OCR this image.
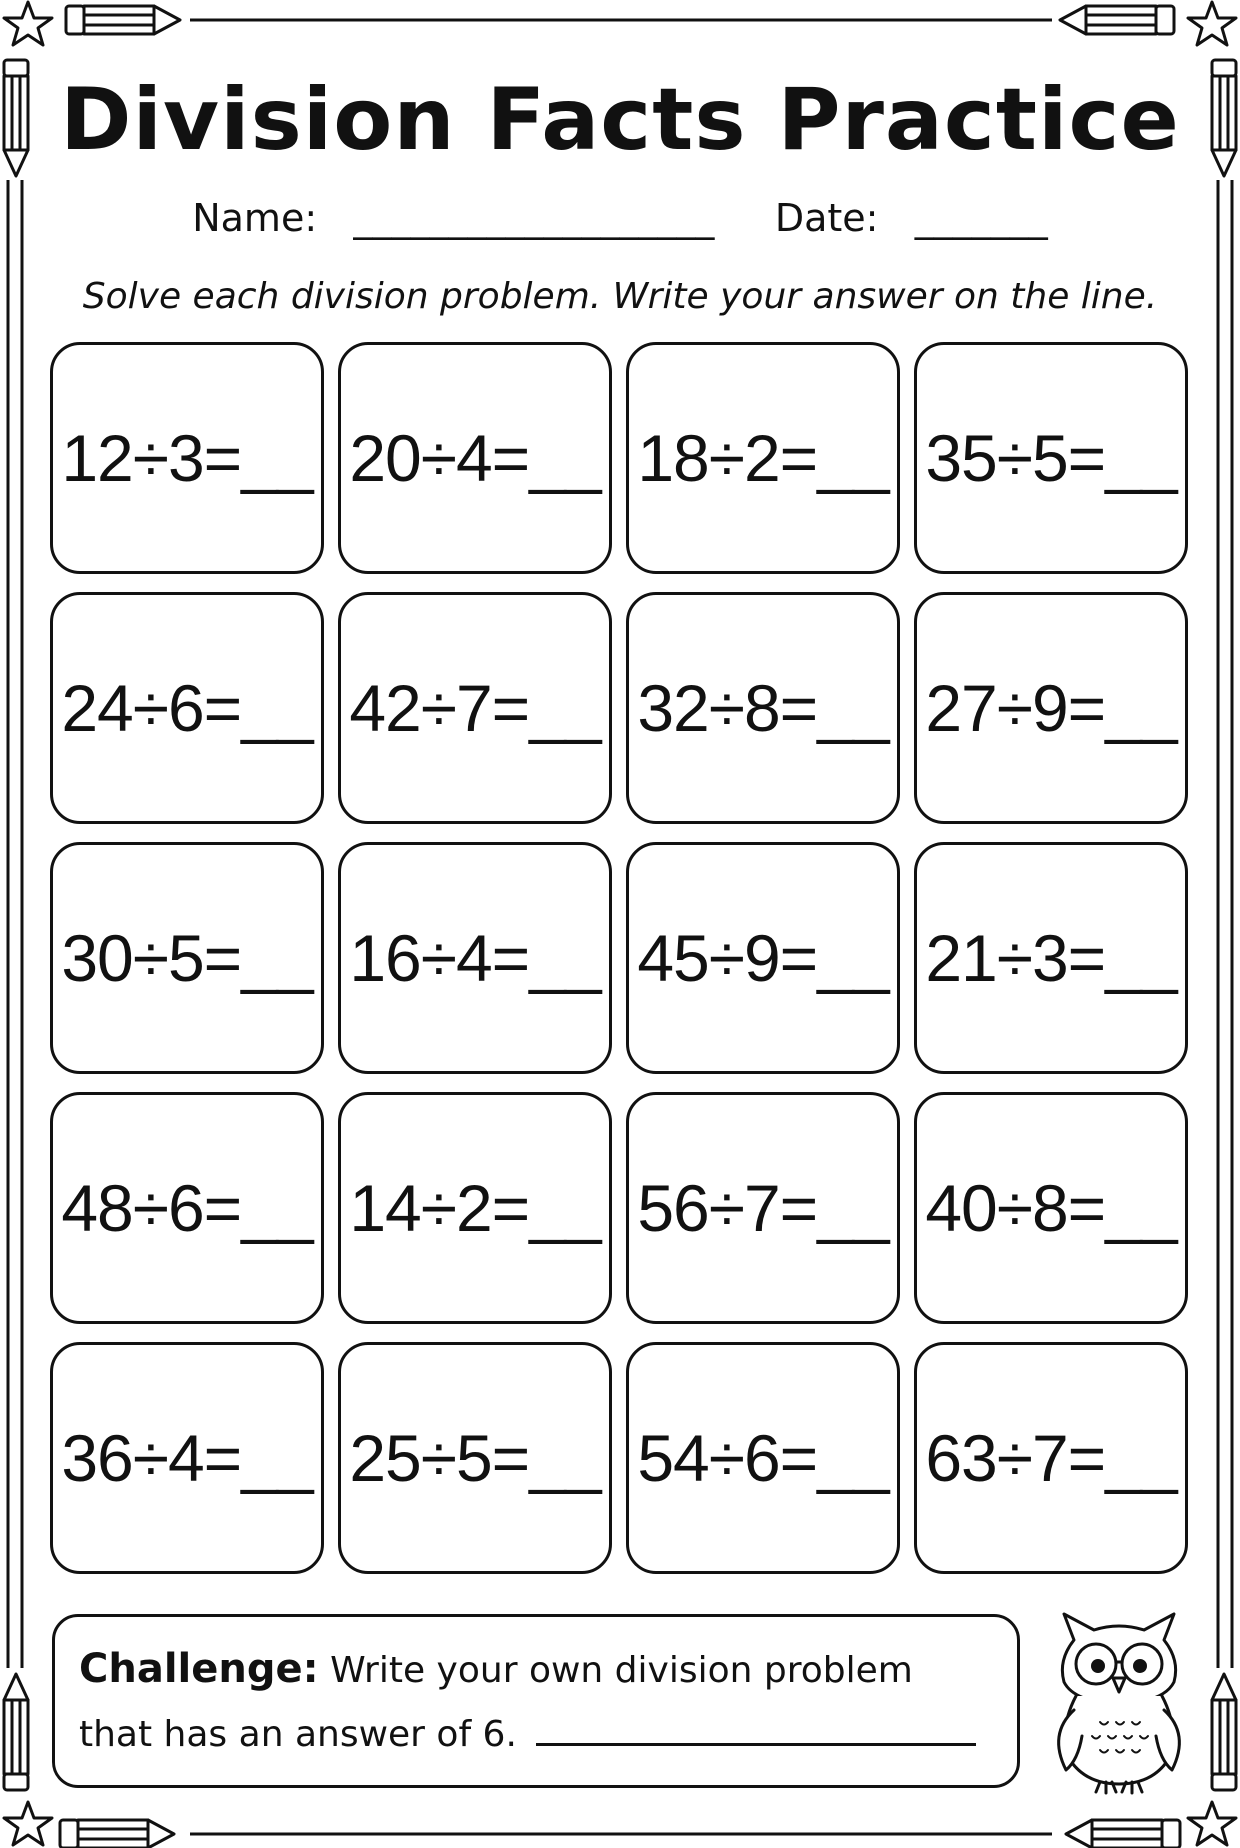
Division Facts Practice
Name: ___________________ Date: _______
Solve each division problem. Write your answer on the line.
12÷3=__ 20÷4=__ 18÷2=__ 35÷5=__
24÷6=__ 42÷7=__ 32÷8=__ 27÷9=__
30÷5=__ 16÷4=__ 45÷9=__ 21÷3=__
48÷6=__ 14÷2=__ 56÷7=__ 40÷8=__
36÷4=__ 25÷5=__ 54÷6=__ 63÷7=__
Challenge: Write your own division problem
that has an answer of 6.
